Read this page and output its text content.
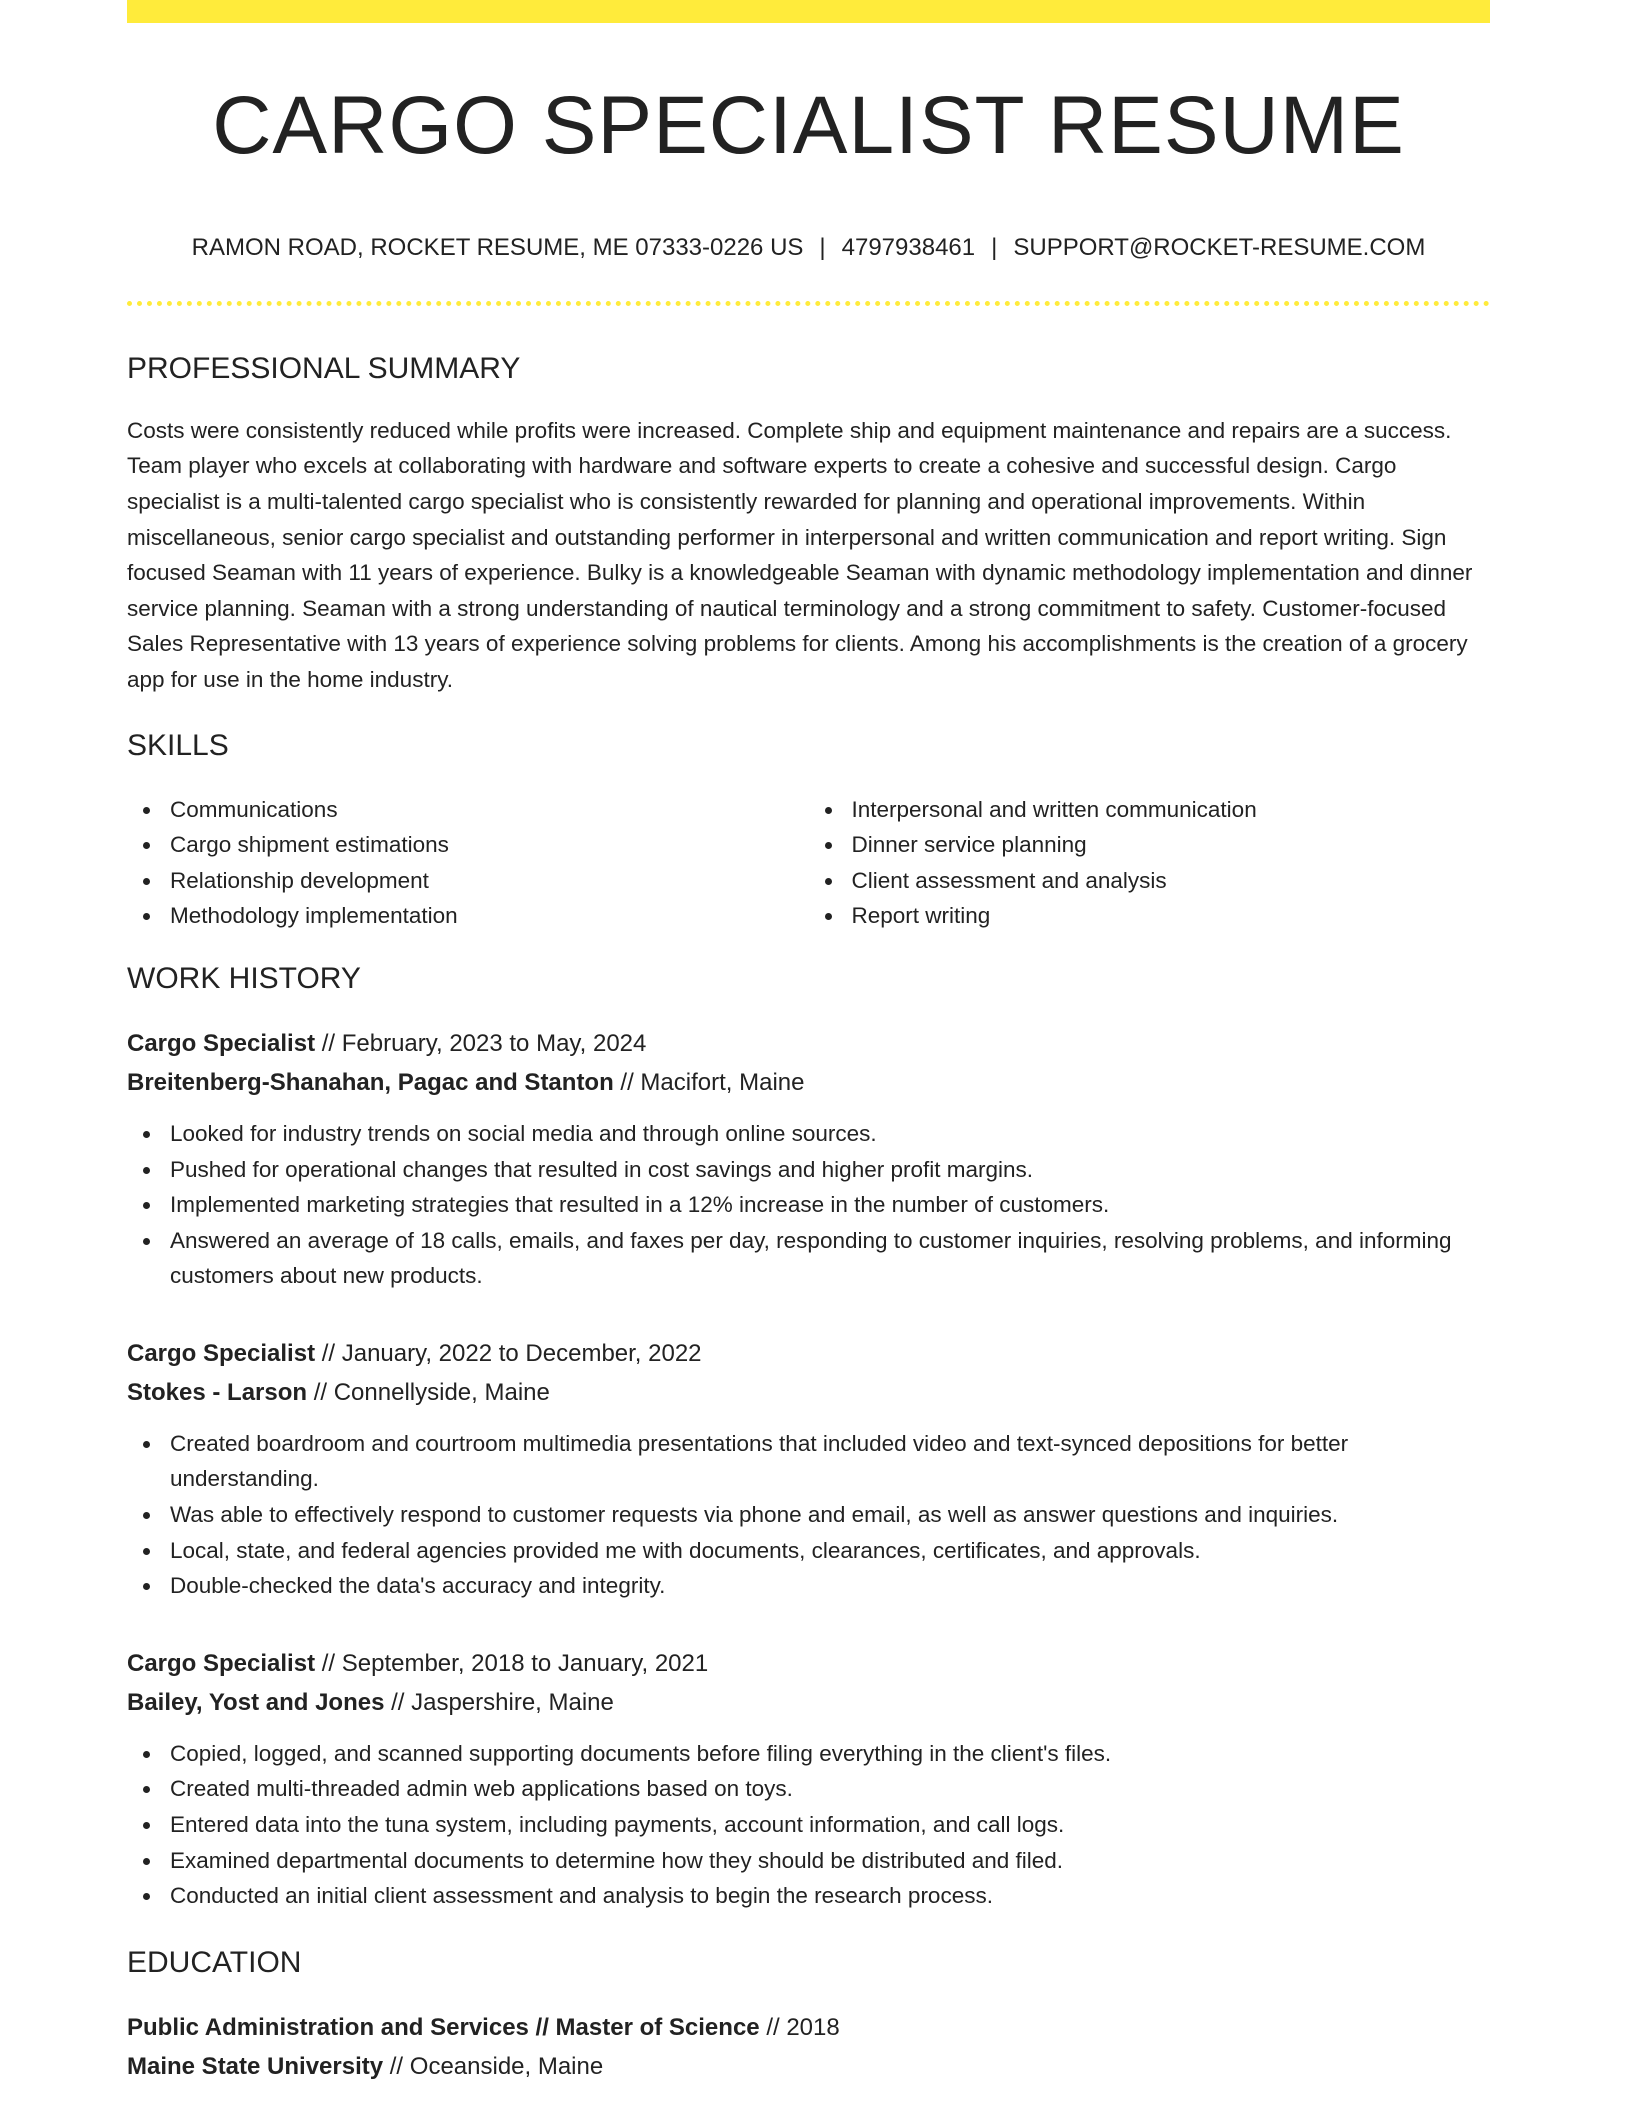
CARGO SPECIALIST RESUME
RAMON ROAD, ROCKET RESUME, ME 07333-0226 US | 4797938461 | SUPPORT@ROCKET-RESUME.COM
PROFESSIONAL SUMMARY

Costs were consistently reduced while profits were increased. Complete ship and equipment maintenance and repairs are a success. Team player who excels at collaborating with hardware and software experts to create a cohesive and successful design. Cargo specialist is a multi-talented cargo specialist who is consistently rewarded for planning and operational improvements. Within miscellaneous, senior cargo specialist and outstanding performer in interpersonal and written communication and report writing. Sign focused Seaman with 11 years of experience. Bulky is a knowledgeable Seaman with dynamic methodology implementation and dinner service planning. Seaman with a strong understanding of nautical terminology and a strong commitment to safety. Customer-focused Sales Representative with 13 years of experience solving problems for clients. Among his accomplishments is the creation of a grocery app for use in the home industry.

SKILLS
Communications
Cargo shipment estimations
Relationship development
Methodology implementation
Interpersonal and written communication
Dinner service planning
Client assessment and analysis
Report writing
WORK HISTORY
Cargo Specialist // February, 2023 to May, 2024
Breitenberg-Shanahan, Pagac and Stanton // Macifort, Maine
Looked for industry trends on social media and through online sources.
Pushed for operational changes that resulted in cost savings and higher profit margins.
Implemented marketing strategies that resulted in a 12% increase in the number of customers.
Answered an average of 18 calls, emails, and faxes per day, responding to customer inquiries, resolving problems, and informing customers about new products.
Cargo Specialist // January, 2022 to December, 2022
Stokes - Larson // Connellyside, Maine
Created boardroom and courtroom multimedia presentations that included video and text-synced depositions for better understanding.
Was able to effectively respond to customer requests via phone and email, as well as answer questions and inquiries.
Local, state, and federal agencies provided me with documents, clearances, certificates, and approvals.
Double-checked the data's accuracy and integrity.
Cargo Specialist // September, 2018 to January, 2021
Bailey, Yost and Jones // Jaspershire, Maine
Copied, logged, and scanned supporting documents before filing everything in the client's files.
Created multi-threaded admin web applications based on toys.
Entered data into the tuna system, including payments, account information, and call logs.
Examined departmental documents to determine how they should be distributed and filed.
Conducted an initial client assessment and analysis to begin the research process.
EDUCATION
Public Administration and Services // Master of Science // 2018
Maine State University // Oceanside, Maine
